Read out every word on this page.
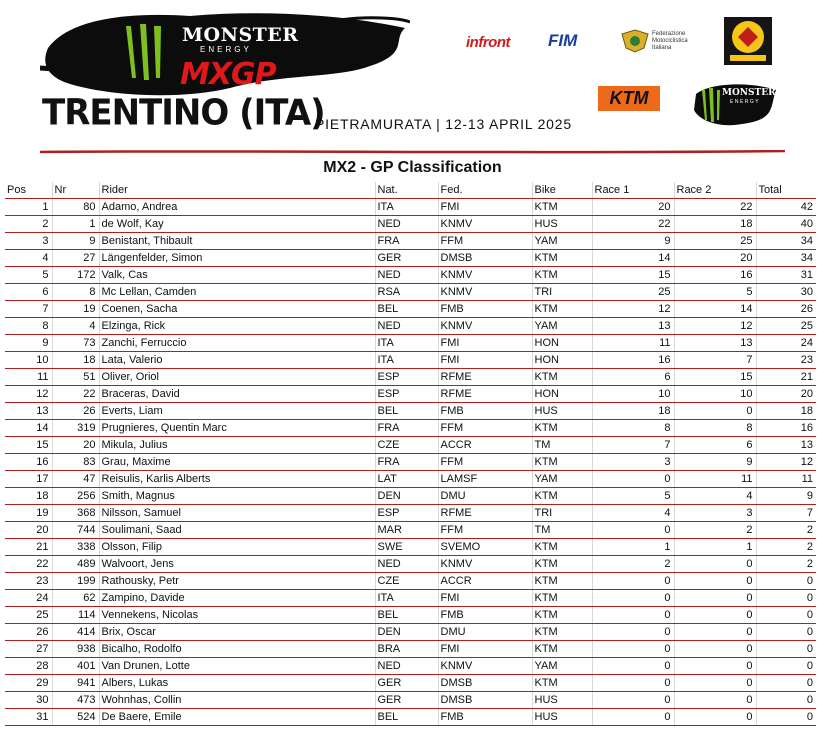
MONSTER
ENERGY
MXGP
TRENTINO (ITA)
PIETRAMURATA | 12-13 APRIL 2025
infront FIM	Federazione Motociclistica Italiana
KTM	MONSTER
ENERGY
MX2 - GP Classification
Pos	Nr	Rider	Nat.	Fed.	Bike	Race 1	Race 2	Total
1	80	Adamo, Andrea	ITA	FMI	KTM	20	22	42
2	1	de Wolf, Kay	NED	KNMV	HUS	22	18	40
3	9	Benistant, Thibault	FRA	FFM	YAM	9	25	34
4	27	Längenfelder, Simon	GER	DMSB	KTM	14	20	34
5	172	Valk, Cas	NED	KNMV	KTM	15	16	31
6	8	Mc Lellan, Camden	RSA	KNMV	TRI	25	5	30
7	19	Coenen, Sacha	BEL	FMB	KTM	12	14	26
8	4	Elzinga, Rick	NED	KNMV	YAM	13	12	25
9	73	Zanchi, Ferruccio	ITA	FMI	HON	11	13	24
10	18	Lata, Valerio	ITA	FMI	HON	16	7	23
11	51	Oliver, Oriol	ESP	RFME	KTM	6	15	21
12	22	Braceras, David	ESP	RFME	HON	10	10	20
13	26	Everts, Liam	BEL	FMB	HUS	18	0	18
14	319	Prugnieres, Quentin Marc	FRA	FFM	KTM	8	8	16
15	20	Mikula, Julius	CZE	ACCR	TM	7	6	13
16	83	Grau, Maxime	FRA	FFM	KTM	3	9	12
17	47	Reisulis, Karlis Alberts	LAT	LAMSF	YAM	0	11	11
18	256	Smith, Magnus	DEN	DMU	KTM	5	4	9
19	368	Nilsson, Samuel	ESP	RFME	TRI	4	3	7
20	744	Soulimani, Saad	MAR	FFM	TM	0	2	2
21	338	Olsson, Filip	SWE	SVEMO	KTM	1	1	2
22	489	Walvoort, Jens	NED	KNMV	KTM	2	0	2
23	199	Rathousky, Petr	CZE	ACCR	KTM	0	0	0
24	62	Zampino, Davide	ITA	FMI	KTM	0	0	0
25	114	Vennekens, Nicolas	BEL	FMB	KTM	0	0	0
26	414	Brix, Oscar	DEN	DMU	KTM	0	0	0
27	938	Bicalho, Rodolfo	BRA	FMI	KTM	0	0	0
28	401	Van Drunen, Lotte	NED	KNMV	YAM	0	0	0
29	941	Albers, Lukas	GER	DMSB	KTM	0	0	0
30	473	Wohnhas, Collin	GER	DMSB	HUS	0	0	0
31	524	De Baere, Emile	BEL	FMB	HUS	0	0	0
